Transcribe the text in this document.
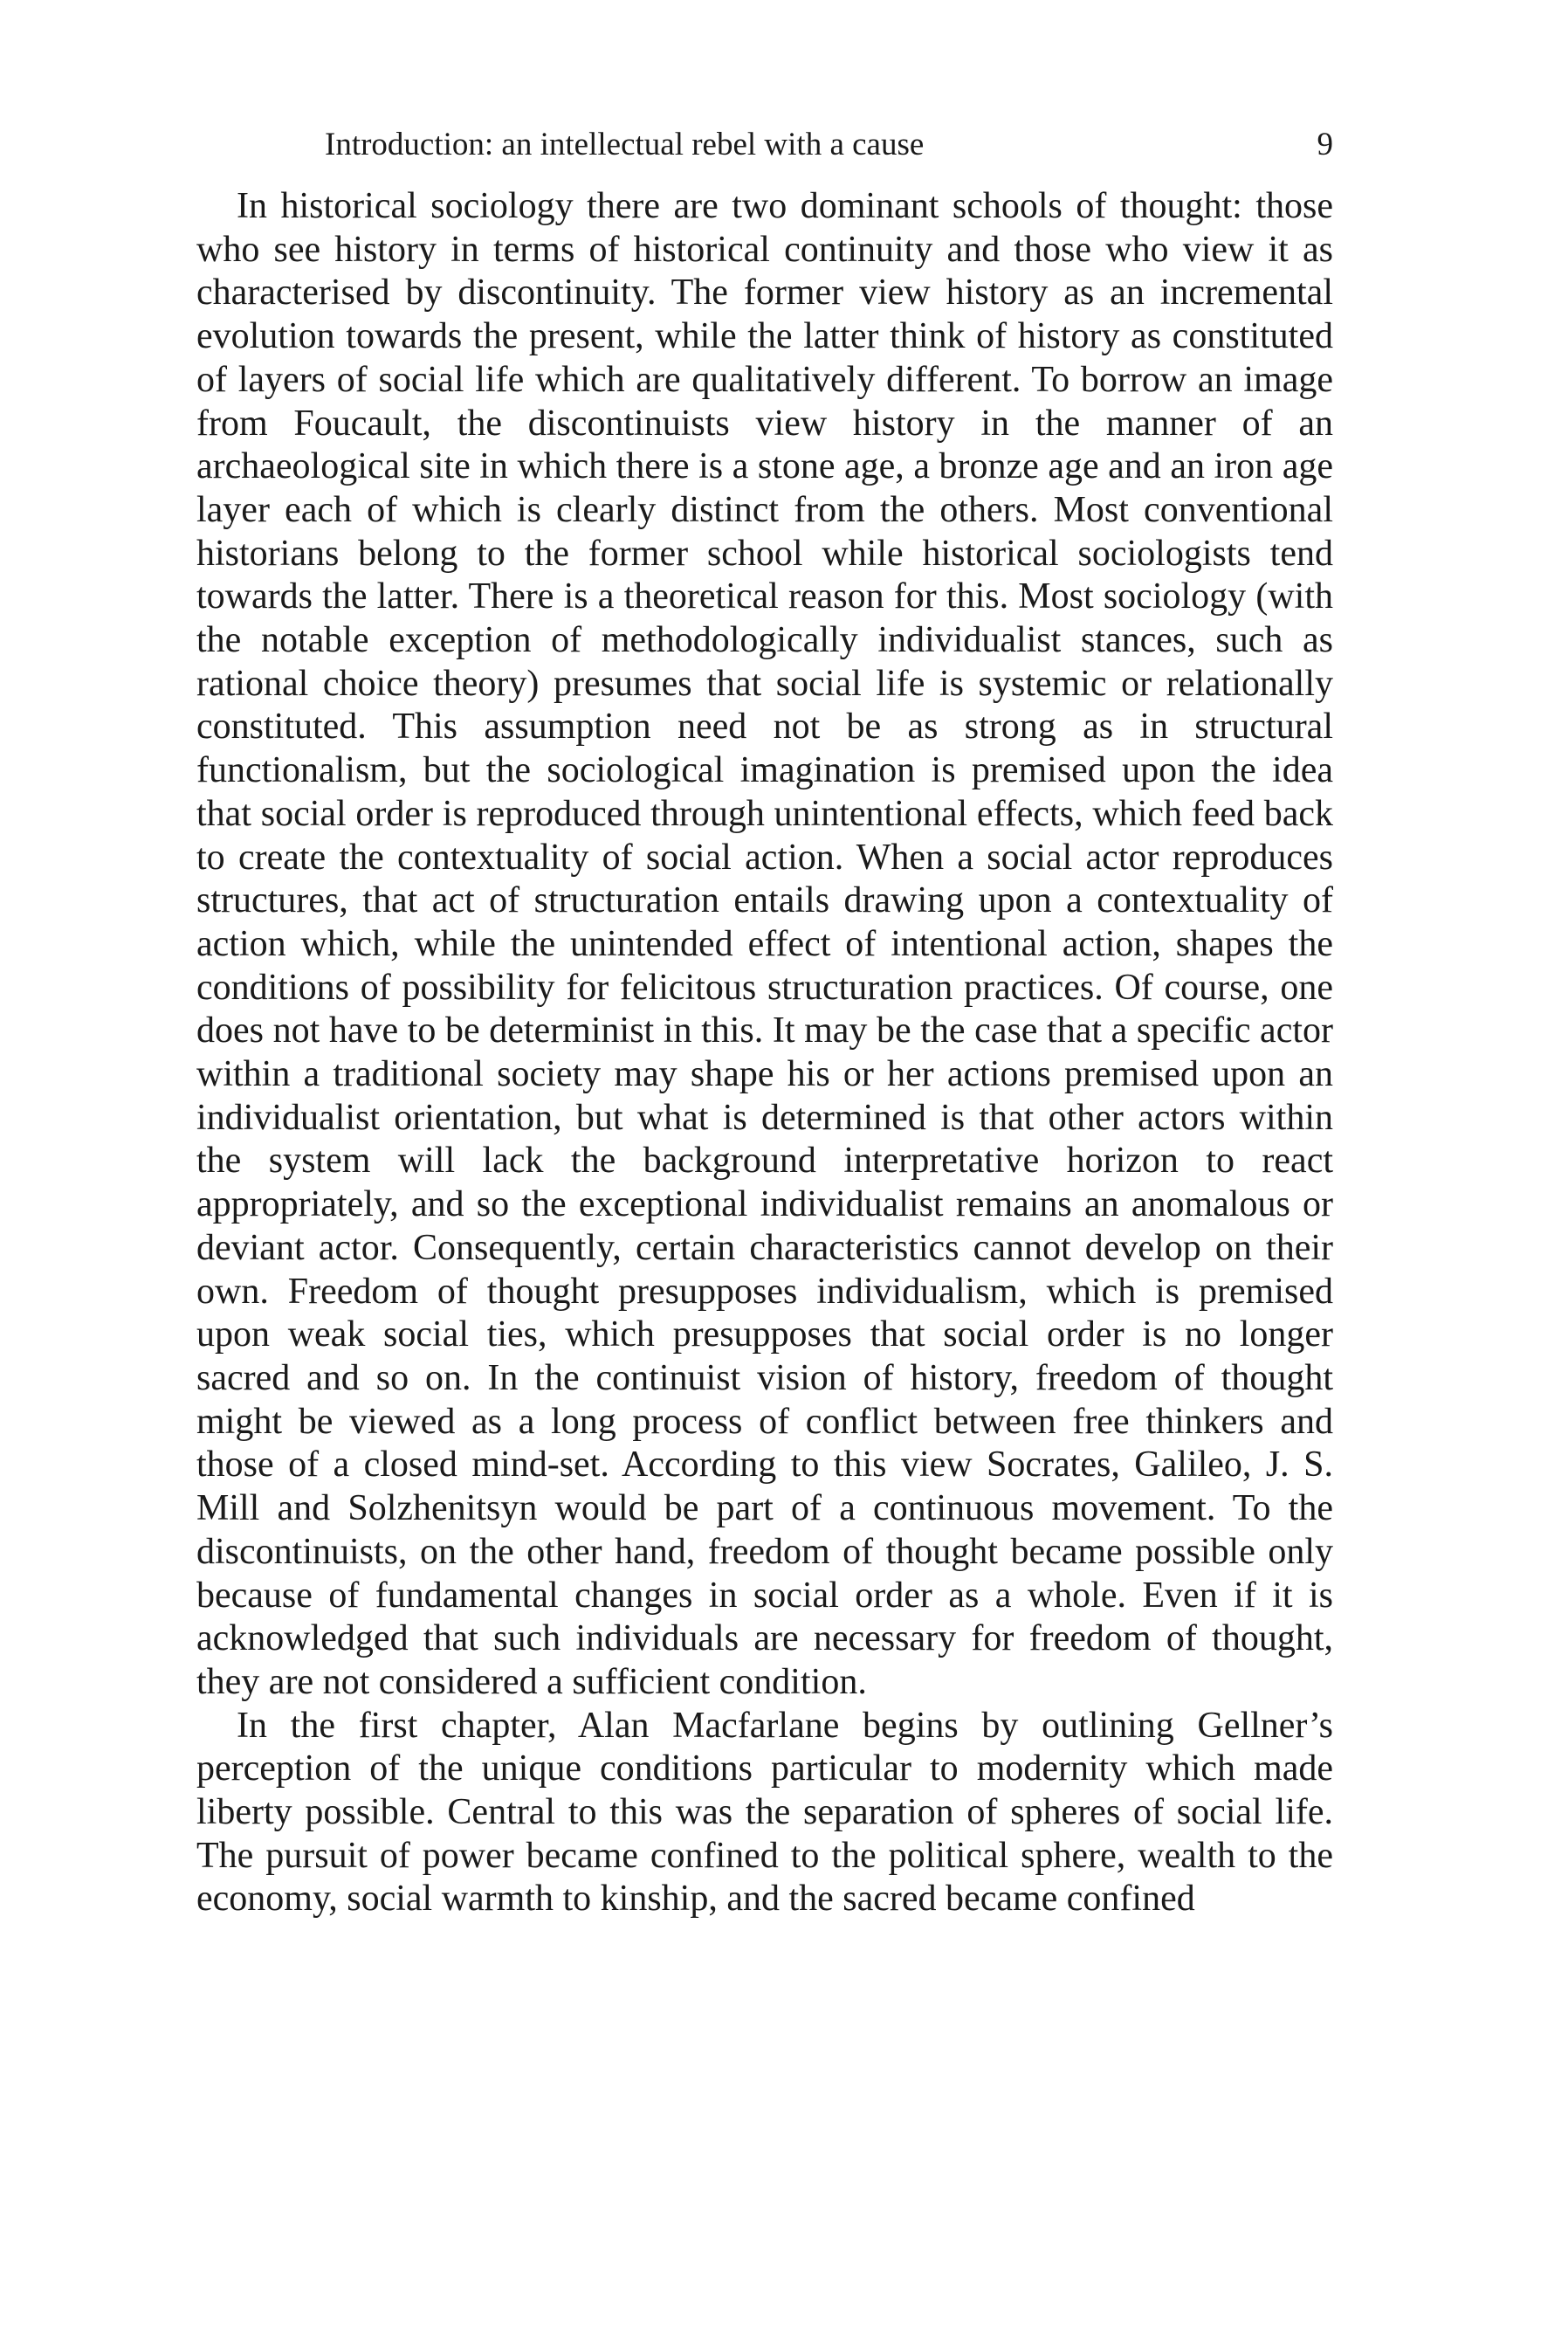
Introduction: an intellectual rebel with a cause	9

In historical sociology there are two dominant schools of thought: those who see history in terms of historical continuity and those who view it as characterised by discontinuity. The former view history as an incremental evolution towards the present, while the latter think of history as constituted of layers of social life which are qualitatively different. To borrow an image from Foucault, the discontinuists view history in the manner of an archaeological site in which there is a stone age, a bronze age and an iron age layer each of which is clearly distinct from the others. Most conventional historians belong to the former school while historical sociologists tend towards the latter. There is a theoretical reason for this. Most sociology (with the notable exception of methodologically individualist stances, such as rational choice theory) presumes that social life is systemic or relationally constituted. This assumption need not be as strong as in structural functionalism, but the sociological imagination is premised upon the idea that social order is reproduced through unintentional effects, which feed back to create the contextuality of social action. When a social actor reproduces structures, that act of structuration entails drawing upon a contextuality of action which, while the unintended effect of intentional action, shapes the conditions of possibility for felicitous structuration practices. Of course, one does not have to be determinist in this. It may be the case that a specific actor within a traditional society may shape his or her actions premised upon an individualist orientation, but what is determined is that other actors within the system will lack the background interpretative horizon to react appropriately, and so the exceptional individualist remains an anomalous or deviant actor. Consequently, certain characteristics cannot develop on their own. Freedom of thought presupposes individualism, which is premised upon weak social ties, which presupposes that social order is no longer sacred and so on. In the continuist vision of history, freedom of thought might be viewed as a long process of conflict between free thinkers and those of a closed mind-set. According to this view Socrates, Galileo, J. S. Mill and Solzhenitsyn would be part of a continuous movement. To the discontinuists, on the other hand, freedom of thought became possible only because of fundamental changes in social order as a whole. Even if it is acknowledged that such individuals are necessary for freedom of thought, they are not considered a sufficient condition.

In the first chapter, Alan Macfarlane begins by outlining Gellner’s perception of the unique conditions particular to modernity which made liberty possible. Central to this was the separation of spheres of social life. The pursuit of power became confined to the political sphere, wealth to the economy, social warmth to kinship, and the sacred became confined
